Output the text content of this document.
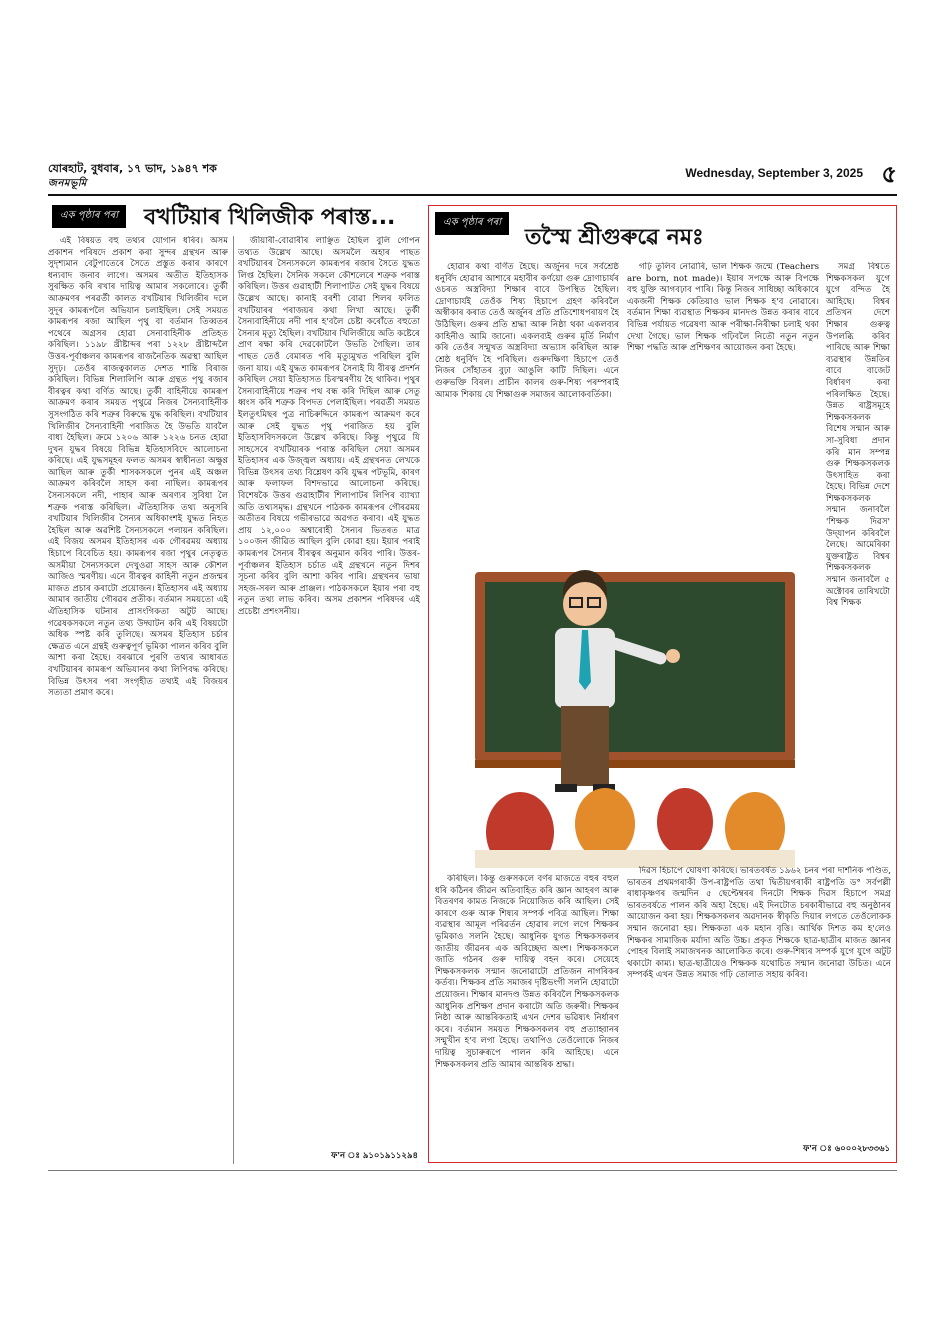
যোৰহাট, বুধবাৰ, ১৭ ভাদ, ১৯৪৭ শক
জনমভূমি
Wednesday, September 3, 2025 ৫
এক পৃষ্ঠাৰ পৰা	বখটিয়াৰ খিলিজীক পৰাস্ত...

এই বিষয়ত বহু তথ্যৰ যোগান ধৰিব। অসম প্ৰকাশন পৰিষদে প্ৰকাশ কৰা সুন্দৰ গ্ৰন্থখন আৰু সুদৃশ্যমান বেটুপাতেৰে সৈতে প্ৰস্তুত কৰাৰ কাৰণে ধন্যবাদ জনাব লাগে। অসমৰ অতীত ইতিহাসক সুৰক্ষিত কৰি ৰখাৰ দায়িত্ব আমাৰ সকলোৰে। তুৰ্কী আক্ৰমণৰ পৰৱৰ্তী কালত বখটিয়াৰ খিলিজীৰ দলে সুদূৰ কামৰূপলৈ অভিযান চলাইছিল। সেই সময়ত কামৰূপৰ ৰজা আছিল পৃথু বা বৰ্তমান তিব্বতৰ পথেৰে অগ্ৰসৰ হোৱা সেনাবাহিনীক প্ৰতিহত কৰিছিল। ১১৯৮ খ্ৰীষ্টাব্দৰ পৰা ১২২৮ খ্ৰীষ্টাব্দলৈ উত্তৰ-পূৰ্বাঞ্চলৰ কামৰূপৰ ৰাজনৈতিক অৱস্থা আছিল সুদৃঢ়। তেওঁৰ ৰাজত্বকালত দেশত শান্তি বিৰাজ কৰিছিল। বিভিন্ন শিলালিপি আৰু গ্ৰন্থত পৃথু ৰজাৰ বীৰত্বৰ কথা বৰ্ণিত আছে। তুৰ্কী বাহিনীয়ে কামৰূপ আক্ৰমণ কৰাৰ সময়ত পৃথুৱে নিজৰ সৈন্যবাহিনীক সুসংগঠিত কৰি শত্ৰুৰ বিৰুদ্ধে যুদ্ধ কৰিছিল। বখটিয়াৰ খিলিজীৰ সৈন্যবাহিনী পৰাজিত হৈ উভতি যাবলৈ বাধ্য হৈছিল। ক্ৰমে ১২০৬ আৰু ১২২৬ চনত হোৱা দুখন যুদ্ধৰ বিষয়ে বিভিন্ন ইতিহাসবিদে আলোচনা কৰিছে। এই যুদ্ধসমূহৰ ফলত অসমৰ স্বাধীনতা অক্ষুণ্ণ আছিল আৰু তুৰ্কী শাসকসকলে পুনৰ এই অঞ্চল আক্ৰমণ কৰিবলৈ সাহস কৰা নাছিল। কামৰূপৰ সৈন্যসকলে নদী, পাহাৰ আৰু অৰণ্যৰ সুবিধা লৈ শত্ৰুক পৰাস্ত কৰিছিল। ঐতিহাসিক তথ্য অনুসৰি বখটিয়াৰ খিলিজীৰ সৈন্যৰ অধিকাংশই যুদ্ধত নিহত হৈছিল আৰু অৱশিষ্ট সৈন্যসকলে পলায়ন কৰিছিল। এই বিজয় অসমৰ ইতিহাসৰ এক গৌৰৱময় অধ্যায় হিচাপে বিবেচিত হয়। কামৰূপৰ ৰজা পৃথুৰ নেতৃত্বত অসমীয়া সৈন্যসকলে দেখুওৱা সাহস আৰু কৌশল আজিও স্মৰণীয়। এনে বীৰত্বৰ কাহিনী নতুন প্ৰজন্মৰ মাজত প্ৰচাৰ কৰাটো প্ৰয়োজন। ইতিহাসৰ এই অধ্যায় আমাৰ জাতীয় গৌৰৱৰ প্ৰতীক। বৰ্তমান সময়তো এই ঐতিহাসিক ঘটনাৰ প্ৰাসংগিকতা অটুট আছে। গৱেষকসকলে নতুন তথ্য উদ্ঘাটন কৰি এই বিষয়টো অধিক স্পষ্ট কৰি তুলিছে। অসমৰ ইতিহাস চৰ্চাৰ ক্ষেত্ৰত এনে গ্ৰন্থই গুৰুত্বপূৰ্ণ ভূমিকা পালন কৰিব বুলি আশা কৰা হৈছে। বৰঝাৰে পুৰণি তথ্যৰ আধাৰত বখটিয়াৰৰ কামৰূপ অভিযানৰ কথা লিপিবদ্ধ কৰিছে। বিভিন্ন উৎসৰ পৰা সংগৃহীত তথ্যই এই বিজয়ৰ সত্যতা প্ৰমাণ কৰে।

জীয়াৰী-বোৱাৰীৰ লাঞ্ছিত হৈছিল বুলি গোপন তথ্যত উল্লেখ আছে। অসমলৈ অহাৰ পাছত বখটিয়াৰৰ সৈন্যসকলে কামৰূপৰ ৰজাৰ সৈতে যুদ্ধত লিপ্ত হৈছিল। সৈনিক সকলে কৌশলেৰে শত্ৰুক পৰাস্ত কৰিছিল। উত্তৰ গুৱাহাটী শিলাপাটত সেই যুদ্ধৰ বিষয়ে উল্লেখ আছে। কানাই বৰশী বোৱা শিলৰ ফলিত বখটিয়াৰৰ পৰাজয়ৰ কথা লিখা আছে। তুৰ্কী সৈন্যবাহিনীয়ে নদী পাৰ হ'বলৈ চেষ্টা কৰোঁতে বহুতো সৈন্যৰ মৃত্যু হৈছিল। বখটিয়াৰ খিলিজীয়ে অতি কষ্টেৰে প্ৰাণ ৰক্ষা কৰি দেৱকোটলৈ উভতি গৈছিল। তাৰ পাছত তেওঁ বেমাৰত পৰি মৃত্যুমুখত পৰিছিল বুলি জনা যায়। এই যুদ্ধত কামৰূপৰ সৈন্যই যি বীৰত্ব প্ৰদৰ্শন কৰিছিল সেয়া ইতিহাসত চিৰস্মৰণীয় হৈ থাকিব। পৃথুৰ সৈন্যবাহিনীয়ে শত্ৰুৰ পথ বন্ধ কৰি দিছিল আৰু সেতু ধ্বংস কৰি শত্ৰুক বিপদত পেলাইছিল। পৰৱৰ্তী সময়ত ইলতুৎমিছৰ পুত্ৰ নাচিৰুদ্দিনে কামৰূপ আক্ৰমণ কৰে আৰু সেই যুদ্ধত পৃথু পৰাজিত হয় বুলি ইতিহাসবিদসকলে উল্লেখ কৰিছে। কিন্তু পৃথুৱে যি সাহসেৰে বখটিয়াৰক পৰাস্ত কৰিছিল সেয়া অসমৰ ইতিহাসৰ এক উজ্জ্বল অধ্যায়। এই গ্ৰন্থখনত লেখকে বিভিন্ন উৎসৰ তথ্য বিশ্লেষণ কৰি যুদ্ধৰ পটভূমি, কাৰণ আৰু ফলাফল বিশদভাৱে আলোচনা কৰিছে। বিশেষকৈ উত্তৰ গুৱাহাটীৰ শিলাপাটৰ লিপিৰ ব্যাখ্যা অতি তথ্যসমৃদ্ধ। গ্ৰন্থখনে পাঠকক কামৰূপৰ গৌৰৱময় অতীতৰ বিষয়ে গভীৰভাৱে অৱগত কৰাব। এই যুদ্ধত প্ৰায় ১২,০০০ অশ্বাৰোহী সৈন্যৰ ভিতৰত মাত্ৰ ১০০জন জীৱিত আছিল বুলি কোৱা হয়। ইয়াৰ পৰাই কামৰূপৰ সৈন্যৰ বীৰত্বৰ অনুমান কৰিব পাৰি। উত্তৰ-পূৰ্বাঞ্চলৰ ইতিহাস চৰ্চাত এই গ্ৰন্থখনে নতুন দিশৰ সূচনা কৰিব বুলি আশা কৰিব পাৰি। গ্ৰন্থখনৰ ভাষা সহজ-সৰল আৰু প্ৰাঞ্জল। পাঠকসকলে ইয়াৰ পৰা বহু নতুন তথ্য লাভ কৰিব। অসম প্ৰকাশন পৰিষদৰ এই প্ৰচেষ্টা প্ৰশংসনীয়।

ফ'ন ঃ ৯১০১৯১১২৯৪
এক পৃষ্ঠাৰ পৰা
তস্মৈ শ্ৰীগুৰুৱে নমঃ

হোৱাৰ কথা বৰ্ণিত হৈছে। অৰ্জুনৰ দৰে সৰ্বশ্ৰেষ্ঠ ধনুৰ্বিদ হোৱাৰ আশাৰে মহাবীৰ কৰ্ণয়ো গুৰু দ্ৰোণাচাৰ্যৰ ওচৰত অস্ত্ৰবিদ্যা শিক্ষাৰ বাবে উপস্থিত হৈছিল। দ্ৰোণাচাৰ্যই তেওঁক শিষ্য হিচাপে গ্ৰহণ কৰিবলৈ অস্বীকাৰ কৰাত তেওঁ অৰ্জুনৰ প্ৰতি প্ৰতিশোধপৰায়ণ হৈ উঠিছিল। গুৰুৰ প্ৰতি শ্ৰদ্ধা আৰু নিষ্ঠা থকা একলব্যৰ কাহিনীও আমি জানো। একলব্যই গুৰুৰ মূৰ্তি নিৰ্মাণ কৰি তেওঁৰ সন্মুখত অস্ত্ৰবিদ্যা অভ্যাস কৰিছিল আৰু শ্ৰেষ্ঠ ধনুৰ্বিদ হৈ পৰিছিল। গুৰুদক্ষিণা হিচাপে তেওঁ নিজৰ সোঁহাতৰ বুঢ়া আঙুলি কাটি দিছিল। এনে গুৰুভক্তি বিৰল। প্ৰাচীন কালৰ গুৰু-শিষ্য পৰম্পৰাই আমাক শিকায় যে শিক্ষাগুৰু সমাজৰ আলোকবৰ্তিকা।

গঢ়ি তুলিব নোৱাৰি, ভাল শিক্ষক জন্মে (Teachers are born, not made)। ইয়াৰ সপক্ষে আৰু বিপক্ষে বহু যুক্তি আগবঢ়াব পাৰি। কিন্তু নিজৰ সাধিচ্ছা অধিকাৰে একজনী শিক্ষক কেতিয়াও ভাল শিক্ষক হ'ব নোৱাৰে। বৰ্তমান শিক্ষা ব্যৱস্থাত শিক্ষকৰ মানদণ্ড উন্নত কৰাৰ বাবে বিভিন্ন পৰ্যায়ত গৱেষণা আৰু পৰীক্ষা-নিৰীক্ষা চলাই থকা দেখা গৈছে। ভাল শিক্ষক গঢ়িবলৈ নিতৌ নতুন নতুন শিক্ষা পদ্ধতি আৰু প্ৰশিক্ষণৰ আয়োজন কৰা হৈছে।

সমগ্ৰ বিশ্বতে শিক্ষকসকল যুগে যুগে বন্দিত হৈ আহিছে। বিশ্বৰ প্ৰতিখন দেশে শিক্ষাৰ গুৰুত্ব উপলব্ধি কৰিব পাৰিছে আৰু শিক্ষা ব্যৱস্থাৰ উন্নতিৰ বাবে বাজেট বিৰ্ধাৰণ কৰা পৰিলক্ষিত হৈছে। উন্নত ৰাষ্ট্ৰসমূহে শিক্ষকসকলক বিশেষ সন্মান আৰু সা-সুবিধা প্ৰদান কৰি মান সম্পন্ন গুৰু শিক্ষকসকলক উৎসাহিত কৰা হৈছে। বিভিন্ন দেশে শিক্ষকসকলক সন্মান জনাবলৈ 'শিক্ষক দিৱস' উদ্‌যাপন কৰিবলৈ লৈছে। আমেৰিকা যুক্তৰাষ্ট্ৰত বিশ্বৰ শিক্ষকসকলক সন্মান জনাবলৈ ৫ অক্টোবৰ তাৰিখটো বিশ্ব শিক্ষক

কৰিছিল। কিন্তু গুৰুসকলে বৰ্ণৰ মাজতে বহুৰ বহুল ধৰি কঠিনৰ জীৱন অতিবাহিত কৰি জ্ঞান আহৰণ আৰু বিতৰণৰ কামত নিজকে নিয়োজিত কৰি আছিল। সেই কাৰণে গুৰু আৰু শিষ্যৰ সম্পৰ্ক পবিত্ৰ আছিল। শিক্ষা ব্যৱস্থাৰ আমূল পৰিৱৰ্তন হোৱাৰ লগে লগে শিক্ষকৰ ভূমিকাও সলনি হৈছে। আধুনিক যুগত শিক্ষকসকলৰ জাতীয় জীৱনৰ এক অবিচ্ছেদ্য অংশ। শিক্ষকসকলে জাতি গঠনৰ গুৰু দায়িত্ব বহন কৰে। সেয়েহে শিক্ষকসকলক সন্মান জনোৱাটো প্ৰতিজন নাগৰিকৰ কৰ্তব্য। শিক্ষকৰ প্ৰতি সমাজৰ দৃষ্টিভংগী সলনি হোৱাটো প্ৰয়োজন। শিক্ষাৰ মানদণ্ড উন্নত কৰিবলৈ শিক্ষকসকলক আধুনিক প্ৰশিক্ষণ প্ৰদান কৰাটো অতি জৰুৰী। শিক্ষকৰ নিষ্ঠা আৰু আন্তৰিকতাই এখন দেশৰ ভৱিষ্যৎ নিৰ্ধাৰণ কৰে। বৰ্তমান সময়ত শিক্ষকসকলৰ বহু প্ৰত্যাহ্বানৰ সন্মুখীন হ'ব লগা হৈছে। তথাপিও তেওঁলোকে নিজৰ দায়িত্ব সুচাৰুৰূপে পালন কৰি আহিছে। এনে শিক্ষকসকলৰ প্ৰতি আমাৰ আন্তৰিক শ্ৰদ্ধা।

দিৱস হিচাপে ঘোষণা কৰিছে। ভাৰতবৰ্ষত ১৯৬২ চনৰ পৰা দাৰ্শনিক পণ্ডিত, ভাৰতৰ প্ৰথমগৰাকী উপ-ৰাষ্ট্ৰপতি তথা দ্বিতীয়গৰাকী ৰাষ্ট্ৰপতি ড° সৰ্বপল্লী ৰাধাকৃষ্ণণৰ জন্মদিন ৫ ছেপ্টেম্বৰৰ দিনটো শিক্ষক দিৱস হিচাপে সমগ্ৰ ভাৰতবৰ্ষতে পালন কৰি অহা হৈছে। এই দিনটোত চৰকাৰীভাৱে বহু অনুষ্ঠানৰ আয়োজন কৰা হয়। শিক্ষকসকলৰ অৱদানক স্বীকৃতি দিয়াৰ লগতে তেওঁলোকক সন্মান জনোৱা হয়। শিক্ষকতা এক মহান বৃত্তি। আৰ্থিক দিশত কম হ'লেও শিক্ষকৰ সামাজিক মৰ্যাদা অতি উচ্চ। প্ৰকৃত শিক্ষকে ছাত্ৰ-ছাত্ৰীৰ মাজত জ্ঞানৰ পোহৰ বিলাই সমাজখনক আলোকিত কৰে। গুৰু-শিষ্যৰ সম্পৰ্ক যুগে যুগে অটুট থকাটো কাম্য। ছাত্ৰ-ছাত্ৰীয়েও শিক্ষকক যথোচিত সন্মান জনোৱা উচিত। এনে সম্পৰ্কই এখন উন্নত সমাজ গঢ়ি তোলাত সহায় কৰিব।

ফ'ন ঃ ৬০০০২৮৩৩৬১
